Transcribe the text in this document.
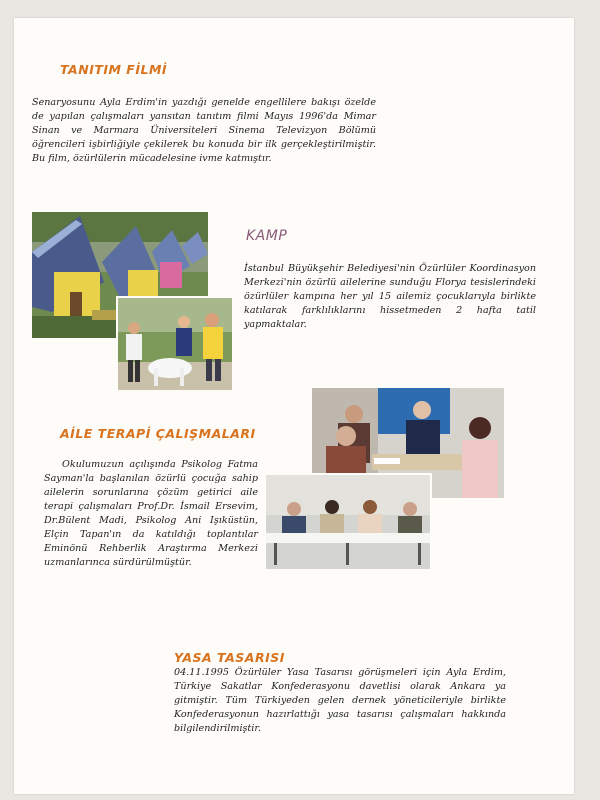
TANITIM FİLMİ

Senaryosunu Ayla Erdim'in yazdığı genelde engellilere bakışı özelde de yapılan çalışmaları yansıtan tanıtım filmi Mayıs 1996'da Mimar Sinan ve Marmara Üniversiteleri Sinema Televizyon Bölümü öğrencileri işbirliğiyle çekilerek bu konuda bir ilk gerçekleştirilmiştir. Bu film, özürlülerin mücadelesine ivme katmıştır.

KAMP

İstanbul Büyükşehir Belediyesi'nin Özürlüler Koordinasyon Merkezi'nin özürlü ailelerine sunduğu Florya tesislerindeki özürlüler kampına her yıl 15 ailemiz çocuklarıyla birlikte katılarak farklılıklarını hissetmeden 2 hafta tatil yapmaktalar.

AİLE TERAPİ ÇALIŞMALARI

Okulumuzun açılışında Psikolog Fatma Sayman'la başlanılan özürlü çocuğa sahip ailelerin sorunlarına çözüm getirici aile terapi çalışmaları Prof.Dr. İsmail Ersevim, Dr.Bülent Madi, Psikolog Ani Işıküstün, Elçin Tapan'ın da katıldığı toplantılar Eminönü Rehberlik Araştırma Merkezi uzmanlarınca sürdürülmüştür.

YASA TASARISI

04.11.1995 Özürlüler Yasa Tasarısı görüşmeleri için Ayla Erdim, Türkiye Sakatlar Konfederasyonu davetlisi olarak Ankara ya gitmiştir. Tüm Türkiyeden gelen dernek yöneticileriyle birlikte Konfederasyonun hazırlattığı yasa tasarısı çalışmaları hakkında bilgilendirilmiştir.
